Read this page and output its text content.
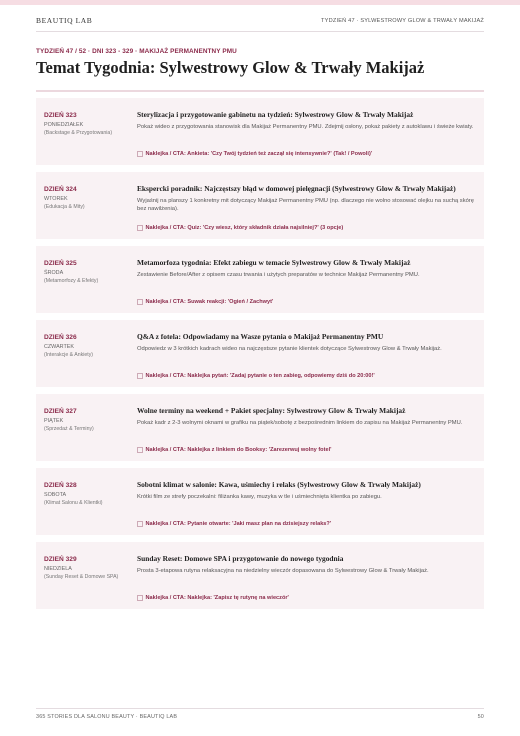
BEAUTIQ LAB	TYDZIEŃ 47 · SYLWESTROWY GLOW & TRWAŁY MAKIJAŻ
TYDZIEŃ 47 / 52 · DNI 323 - 329 · MAKIJAŻ PERMANENTNY PMU
Temat Tygodnia: Sylwestrowy Glow & Trwały Makijaż
DZIEŃ 323
PONIEDZIAŁEK
(Backstage & Przygotowania)
Sterylizacja i przygotowanie gabinetu na tydzień: Sylwestrowy Glow & Trwały Makijaż
Pokaż wideo z przygotowania stanowisk dla Makijaż Permanentny PMU. Zdejmij osłony, pokaż pakiety z autoklawu i świeże kwiaty.
Naklejka / CTA: Ankieta: 'Czy Twój tydzień też zaczął się intensywnie?' (Tak! / Powoli)'
DZIEŃ 324
WTOREK
(Edukacja & Mity)
Ekspercki poradnik: Najczęstszy błąd w domowej pielęgnacji (Sylwestrowy Glow & Trwały Makijaż)
Wyjaśnij na planszy 1 konkretny mit dotyczący Makijaż Permanentny PMU (np. dlaczego nie wolno stosować olejku na suchą skórę bez nawilżenia).
Naklejka / CTA: Quiz: 'Czy wiesz, który składnik działa najsilniej?' (3 opcje)
DZIEŃ 325
ŚRODA
(Metamorfozy & Efekty)
Metamorfoza tygodnia: Efekt zabiegu w temacie Sylwestrowy Glow & Trwały Makijaż
Zestawienie Before/After z opisem czasu trwania i użytych preparatów w technice Makijaż Permanentny PMU.
Naklejka / CTA: Suwak reakcji: 'Ogień / Zachwyt'
DZIEŃ 326
CZWARTEK
(Interakcje & Ankiety)
Q&A z fotela: Odpowiadamy na Wasze pytania o Makijaż Permanentny PMU
Odpowiedz w 3 krótkich kadrach wideo na najczęstsze pytanie klientek dotyczące Sylwestrowy Glow & Trwały Makijaż.
Naklejka / CTA: Naklejka pytań: 'Zadaj pytanie o ten zabieg, odpowiemy dziś do 20:00!'
DZIEŃ 327
PIĄTEK
(Sprzedaż & Terminy)
Wolne terminy na weekend + Pakiet specjalny: Sylwestrowy Glow & Trwały Makijaż
Pokaż kadr z 2-3 wolnymi oknami w grafiku na piątek/sobotę z bezpośrednim linkiem do zapisu na Makijaż Permanentny PMU.
Naklejka / CTA: Naklejka z linkiem do Booksy: 'Zarezerwuj wolny fotel'
DZIEŃ 328
SOBOTA
(Klimat Salonu & Klientki)
Sobotni klimat w salonie: Kawa, uśmiechy i relaks (Sylwestrowy Glow & Trwały Makijaż)
Krótki film ze strefy poczekalni: filiżanka kawy, muzyka w tle i uśmiechnięta klientka po zabiegu.
Naklejka / CTA: Pytanie otwarte: 'Jaki masz plan na dzisiejszy relaks?'
DZIEŃ 329
NIEDZIELA
(Sunday Reset & Domowe SPA)
Sunday Reset: Domowe SPA i przygotowanie do nowego tygodnia
Prosta 3-etapowa rutyna relaksacyjna na niedzielny wieczór dopasowana do Sylwestrowy Glow & Trwały Makijaż.
Naklejka / CTA: Naklejka: 'Zapisz tę rutynę na wieczór'
365 STORIES DLA SALONU BEAUTY · BEAUTIQ LAB	50
